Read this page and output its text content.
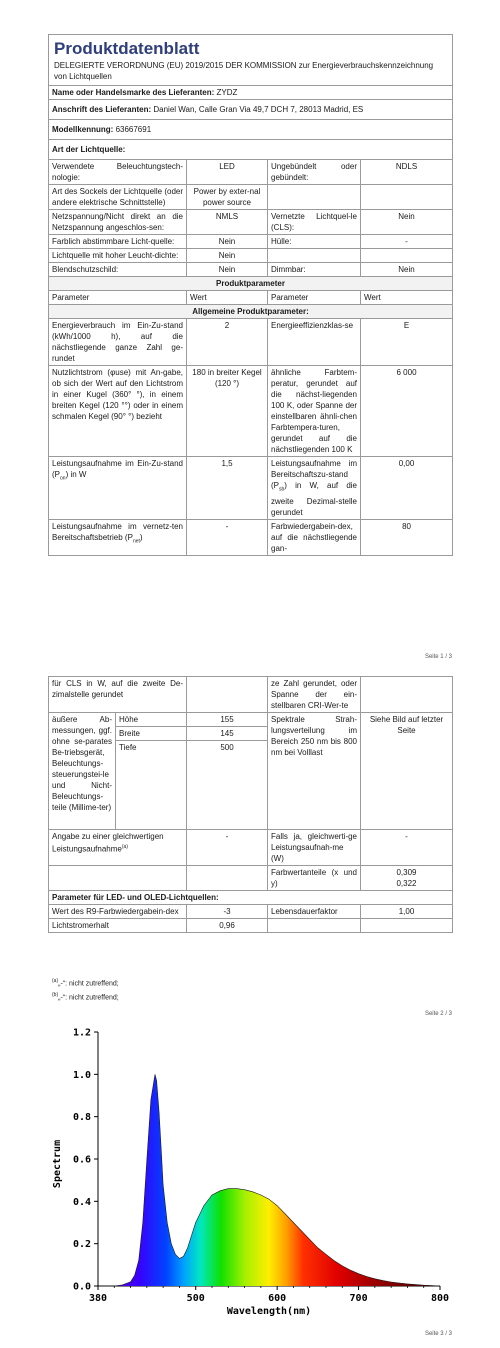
Produktdatenblatt
DELEGIERTE VERORDNUNG (EU) 2019/2015 DER KOMMISSION zur Energieverbrauchskennzeichnung von Lichtquellen			

Name oder Handelsmarke des Lieferanten: ZYDZ			
Anschrift des Lieferanten: Daniel Wan, Calle Gran Via 49,7 DCH 7, 28013 Madrid, ES			
Modellkennung: 63667691			
Art der Lichtquelle:			
Verwendete Beleuchtungstech-nologie:	LED	Ungebündelt oder gebündelt:	NDLS
Art des Sockels der Lichtquelle (oder andere elektrische Schnittstelle)	Power by exter-nal power source		
Netzspannung/Nicht direkt an die Netzspannung angeschlos-sen:	NMLS	Vernetzte Lichtquel-le (CLS):	Nein
Farblich abstimmbare Licht-quelle:	Nein	Hülle:	-
Lichtquelle mit hoher Leucht-dichte:	Nein		
Blendschutzschild:	Nein	Dimmbar:	Nein
Produktparameter			
Parameter	Wert	Parameter	Wert
Allgemeine Produktparameter:			
Energieverbrauch im Ein-Zu-stand (kWh/1000 h), auf die nächstliegende ganze Zahl ge-rundet	2	Energieeffizienzklas-se	E
Nutzlichtstrom (φuse) mit An-gabe, ob sich der Wert auf den Lichtstrom in einer Kugel (360° °), in einem breiten Kegel (120 °°) oder in einem schmalen Kegel (90° °) bezieht	180 in breiter Kegel (120 °)	ähnliche Farbtem-peratur, gerundet auf die nächst-liegenden 100 K, oder Spanne der einstellbaren ähnli-chen Farbtempera-turen, gerundet auf die nächstliegenden 100 K	6 000
Leistungsaufnahme im Ein-Zu-stand $(P_{on})$ in W	1,5	Leistungsaufnahme im Bereitschaftszu-stand $(P_{sb})$ in W, auf die zweite Dezimal-stelle gerundet	0,00
Leistungsaufnahme im vernetz-ten Bereitschaftsbetrieb $(P_{net})$	-	Farbwiedergabein-dex, auf die nächstliegende gan-	80
Seite 1 / 3
für CLS in W, auf die zweite De-zimalstelle gerundet			ze Zahl gerundet, oder Spanne der ein-stellbaren CRI-Wer-te	
äußere Ab-messungen, ggf. ohne se-parates Be-triebsgerät, Beleuchtungs-steuerungstei-le und Nicht-Beleuchtungs-teile (Millime-ter)	Höhe	155	Spektrale Strah-lungsverteilung im Bereich 250 nm bis 800 nm bei Volllast	Siehe Bild auf letzter Seite
	Breite	145		
	Tiefe	500		
Angabe zu einer gleichwertigen Leistungsaufnahme$^{(a)}$		-	Falls ja, gleichwerti-ge Leistungsaufnah-me (W)	-
			Farbwertanteile (x und y)	0,309
0,322

Parameter für LED- und OLED-Lichtquellen:				
Wert des R9-Farbwiedergabein-dex		-3	Lebensdauerfaktor	1,00
Lichtstromerhalt		0,96		
$^{(a)}$„-“: nicht zutreffend;
$^{(b)}$„-“: nicht zutreffend;
Seite 2 / 3
0.0
0.2
0.4
0.6
0.8
1.0
1.2
380	500	600	700	800
Wavelength(nm)
Spectrum
Seite 3 / 3
